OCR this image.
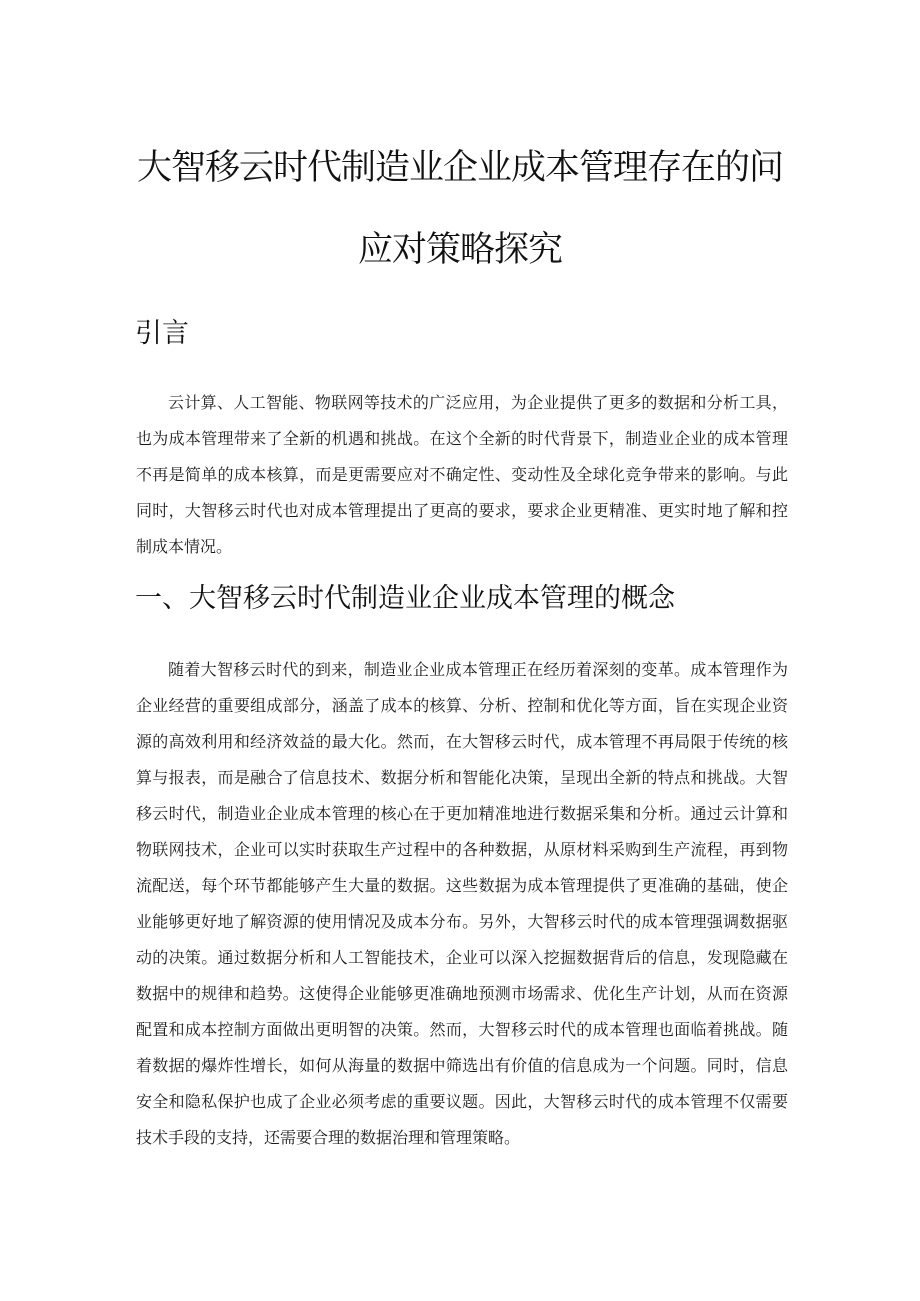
大智移云时代制造业企业成本管理存在的问
应对策略探究
引言

云计算、人工智能、物联网等技术的广泛应用，为企业提供了更多的数据和分析工具，也为成本管理带来了全新的机遇和挑战。在这个全新的时代背景下，制造业企业的成本管理不再是简单的成本核算，而是更需要应对不确定性、变动性及全球化竞争带来的影响。与此同时，大智移云时代也对成本管理提出了更高的要求，要求企业更精准、更实时地了解和控制成本情况。

一、大智移云时代制造业企业成本管理的概念

随着大智移云时代的到来，制造业企业成本管理正在经历着深刻的变革。成本管理作为企业经营的重要组成部分，涵盖了成本的核算、分析、控制和优化等方面，旨在实现企业资源的高效利用和经济效益的最大化。然而，在大智移云时代，成本管理不再局限于传统的核算与报表，而是融合了信息技术、数据分析和智能化决策，呈现出全新的特点和挑战。大智移云时代，制造业企业成本管理的核心在于更加精准地进行数据采集和分析。通过云计算和物联网技术，企业可以实时获取生产过程中的各种数据，从原材料采购到生产流程，再到物流配送，每个环节都能够产生大量的数据。这些数据为成本管理提供了更准确的基础，使企业能够更好地了解资源的使用情况及成本分布。另外，大智移云时代的成本管理强调数据驱动的决策。通过数据分析和人工智能技术，企业可以深入挖掘数据背后的信息，发现隐藏在数据中的规律和趋势。这使得企业能够更准确地预测市场需求、优化生产计划，从而在资源配置和成本控制方面做出更明智的决策。然而，大智移云时代的成本管理也面临着挑战。随着数据的爆炸性增长，如何从海量的数据中筛选出有价值的信息成为一个问题。同时，信息安全和隐私保护也成了企业必须考虑的重要议题。因此，大智移云时代的成本管理不仅需要技术手段的支持，还需要合理的数据治理和管理策略。
